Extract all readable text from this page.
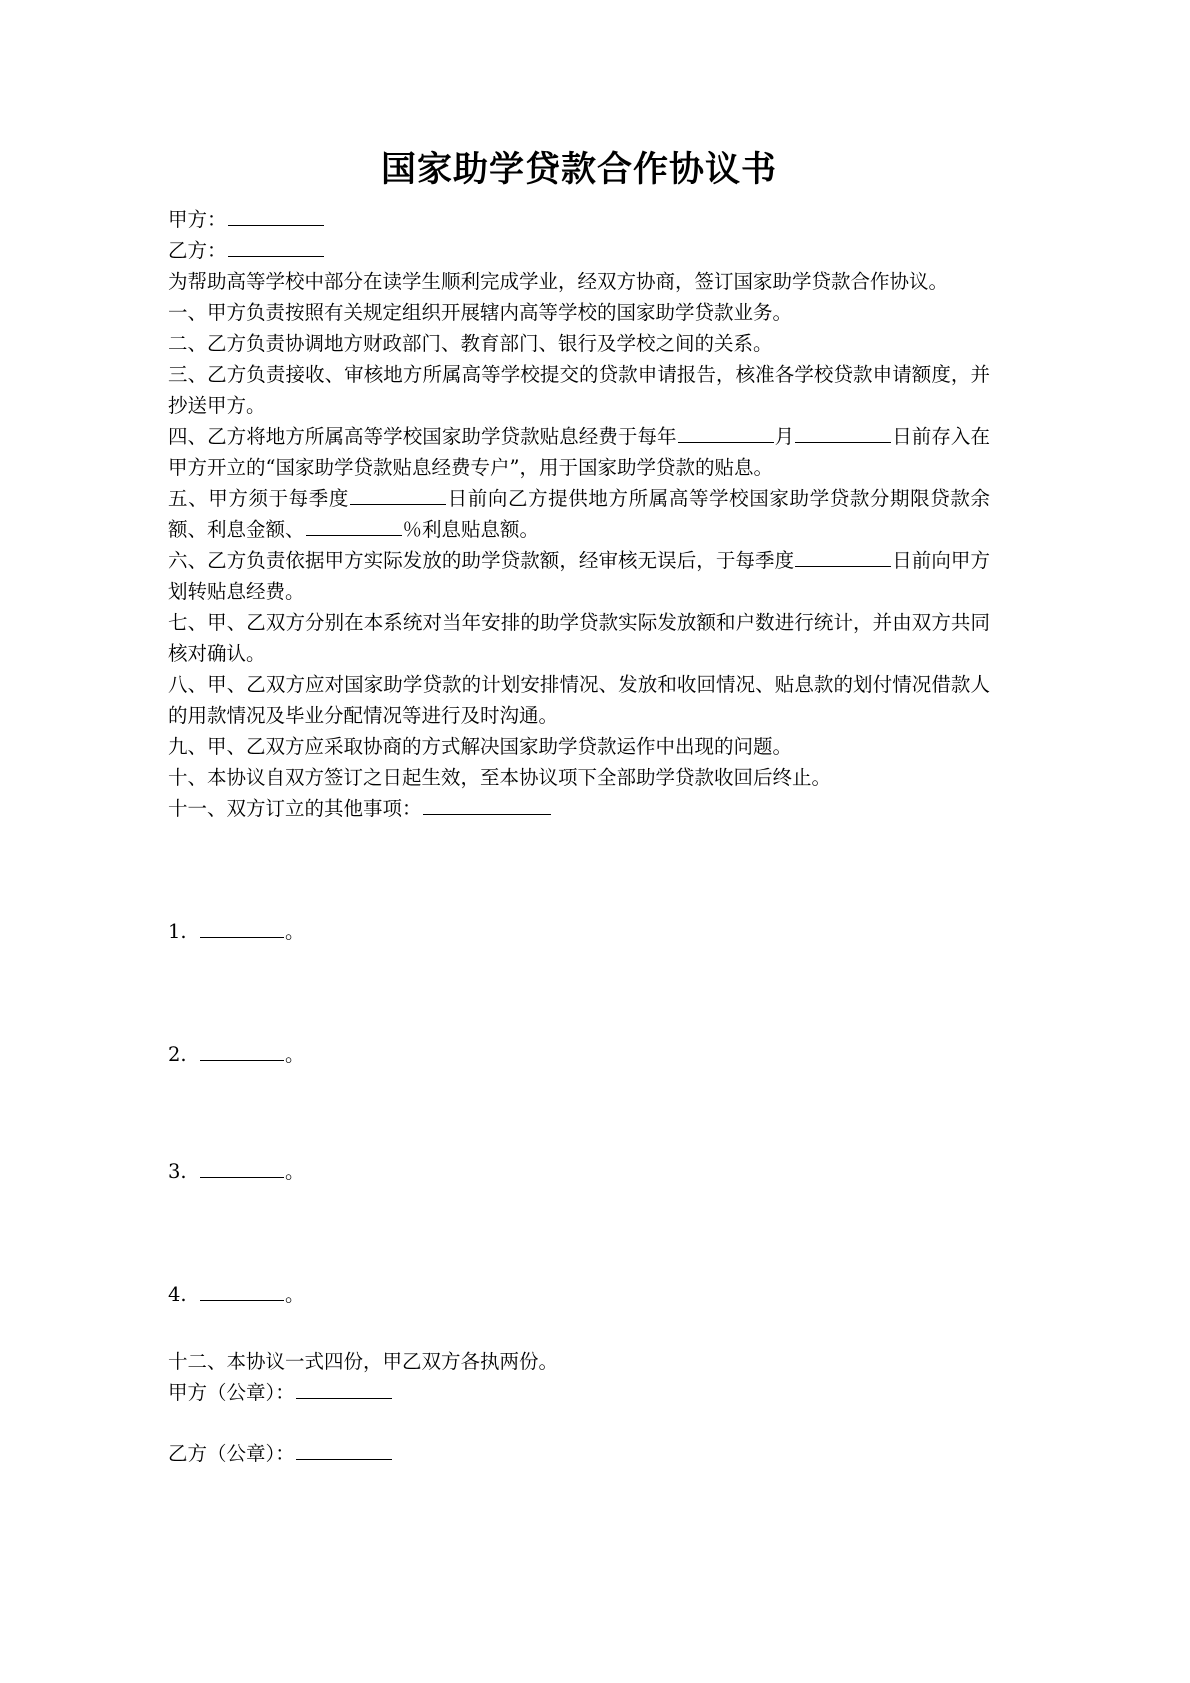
国家助学贷款合作协议书
甲方：
乙方：

为帮助高等学校中部分在读学生顺利完成学业，经双方协商，签订国家助学贷款合作协议。

一、甲方负责按照有关规定组织开展辖内高等学校的国家助学贷款业务。

二、乙方负责协调地方财政部门、教育部门、银行及学校之间的关系。

三、乙方负责接收、审核地方所属高等学校提交的贷款申请报告，核准各学校贷款申请额度，并抄送甲方。

四、乙方将地方所属高等学校国家助学贷款贴息经费于每年	月	日前存入在甲方开立的“国家助学贷款贴息经费专户”，用于国家助学贷款的贴息。

五、甲方须于每季度	日前向乙方提供地方所属高等学校国家助学贷款分期限贷款余额、利息金额、	％利息贴息额。

六、乙方负责依据甲方实际发放的助学贷款额，经审核无误后，于每季度	日前向甲方划转贴息经费。

七、甲、乙双方分别在本系统对当年安排的助学贷款实际发放额和户数进行统计，并由双方共同核对确认。

八、甲、乙双方应对国家助学贷款的计划安排情况、发放和收回情况、贴息款的划付情况借款人的用款情况及毕业分配情况等进行及时沟通。

九、甲、乙双方应采取协商的方式解决国家助学贷款运作中出现的问题。

十、本协议自双方签订之日起生效，至本协议项下全部助学贷款收回后终止。

十一、双方订立的其他事项：

1.	。
2.	。
3.	。
4.	。

十二、本协议一式四份，甲乙双方各执两份。

甲方（公章）：
乙方（公章）：
